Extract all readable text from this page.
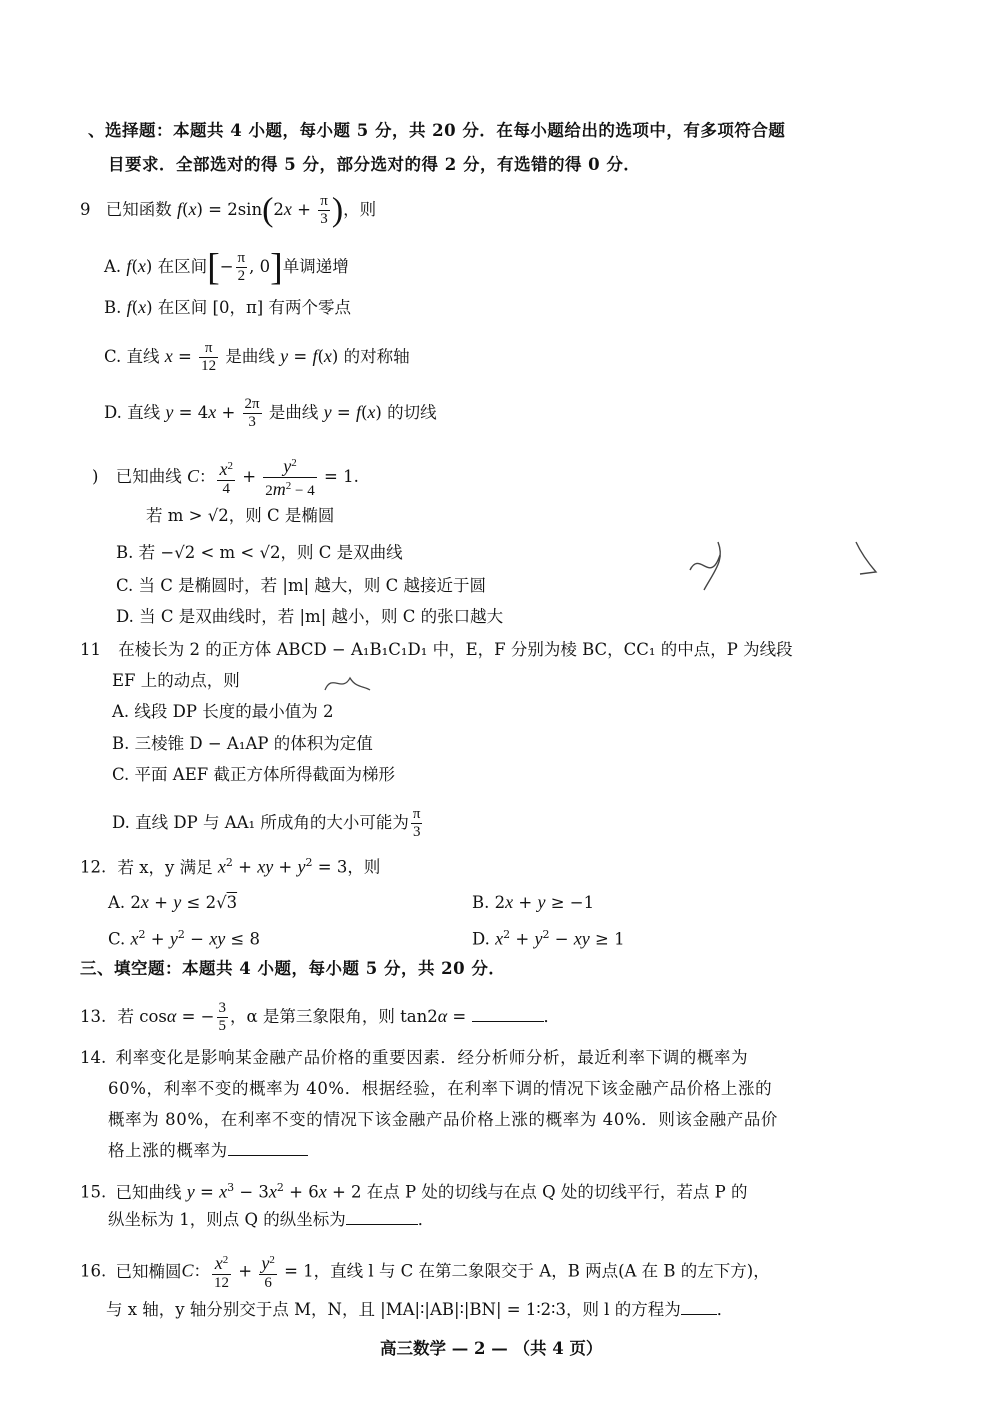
、选择题：本题共 4 小题，每小题 5 分，共 20 分．在每小题给出的选项中，有多项符合题
目要求．全部选对的得 5 分，部分选对的得 2 分，有选错的得 0 分．
9 已知函数 $f(x) = 2\sin(2x + \frac{\pi}{3}$ )，则
A. f(x) 在区间[− $\frac{\pi}{2}$ , 0]单调递增
B. f(x) 在区间 [0，π] 有两个零点
C. 直线 $x = \frac{\pi}{12}$ 是曲线 y = f(x) 的对称轴
D. 直线 $y = 4x + \frac{2\pi}{3}$ 是曲线 y = f(x) 的切线
) 已知曲线 C： $\frac{x^2}{4} + \frac{y^2}{2m^2 - 4} = 1$.
若 m > √2，则 C 是椭圆
B. 若 −√2 < m < √2，则 C 是双曲线
C. 当 C 是椭圆时，若 |m| 越大，则 C 越接近于圆
D. 当 C 是双曲线时，若 |m| 越小，则 C 的张口越大
11 在棱长为 2 的正方体 ABCD − A₁B₁C₁D₁ 中，E，F 分别为棱 BC，CC₁ 的中点，P 为线段
EF 上的动点，则
A. 线段 DP 长度的最小值为 2
B. 三棱锥 D − A₁AP 的体积为定值
C. 平面 AEF 截正方体所得截面为梯形
D. 直线 DP 与 AA₁ 所成角的大小可能为 $\frac{\pi}{3}$
12. 若 x，y 满足 $x^2$ + xy + $y^2 = 3$，则
A. 2x + y ≤ 2√3	B. 2x + y ≥ −1
C. $x^2 + y^2$ − xy ≤ 8	D. $x^2 + y^2$ − xy ≥ 1
三、填空题：本题共 4 小题，每小题 5 分，共 20 分．
13. 若 cosα = − $\frac{3}{5}$ ，α 是第三象限角，则 tan2α =	．
14. 利率变化是影响某金融产品价格的重要因素．经分析师分析，最近利率下调的概率为
60%，利率不变的概率为 40%．根据经验，在利率下调的情况下该金融产品价格上涨的
概率为 80%，在利率不变的情况下该金融产品价格上涨的概率为 40%．则该金融产品价
格上涨的概率为
15. 已知曲线 $y = x^3 - 3x^2 + 6x + 2$ 在点 P 处的切线与在点 Q 处的切线平行，若点 P 的
纵坐标为 1，则点 Q 的纵坐标为	．
16. 已知椭圆C： $\frac{x^2}{12} + \frac{y^2}{6} = 1$，直线 l 与 C 在第二象限交于 A，B 两点(A 在 B 的左下方)，
与 x 轴，y 轴分别交于点 M，N，且 |MA|∶|AB|∶|BN| = 1∶2∶3，则 l 的方程为 ．
高三数学 — 2 — （共 4 页）
